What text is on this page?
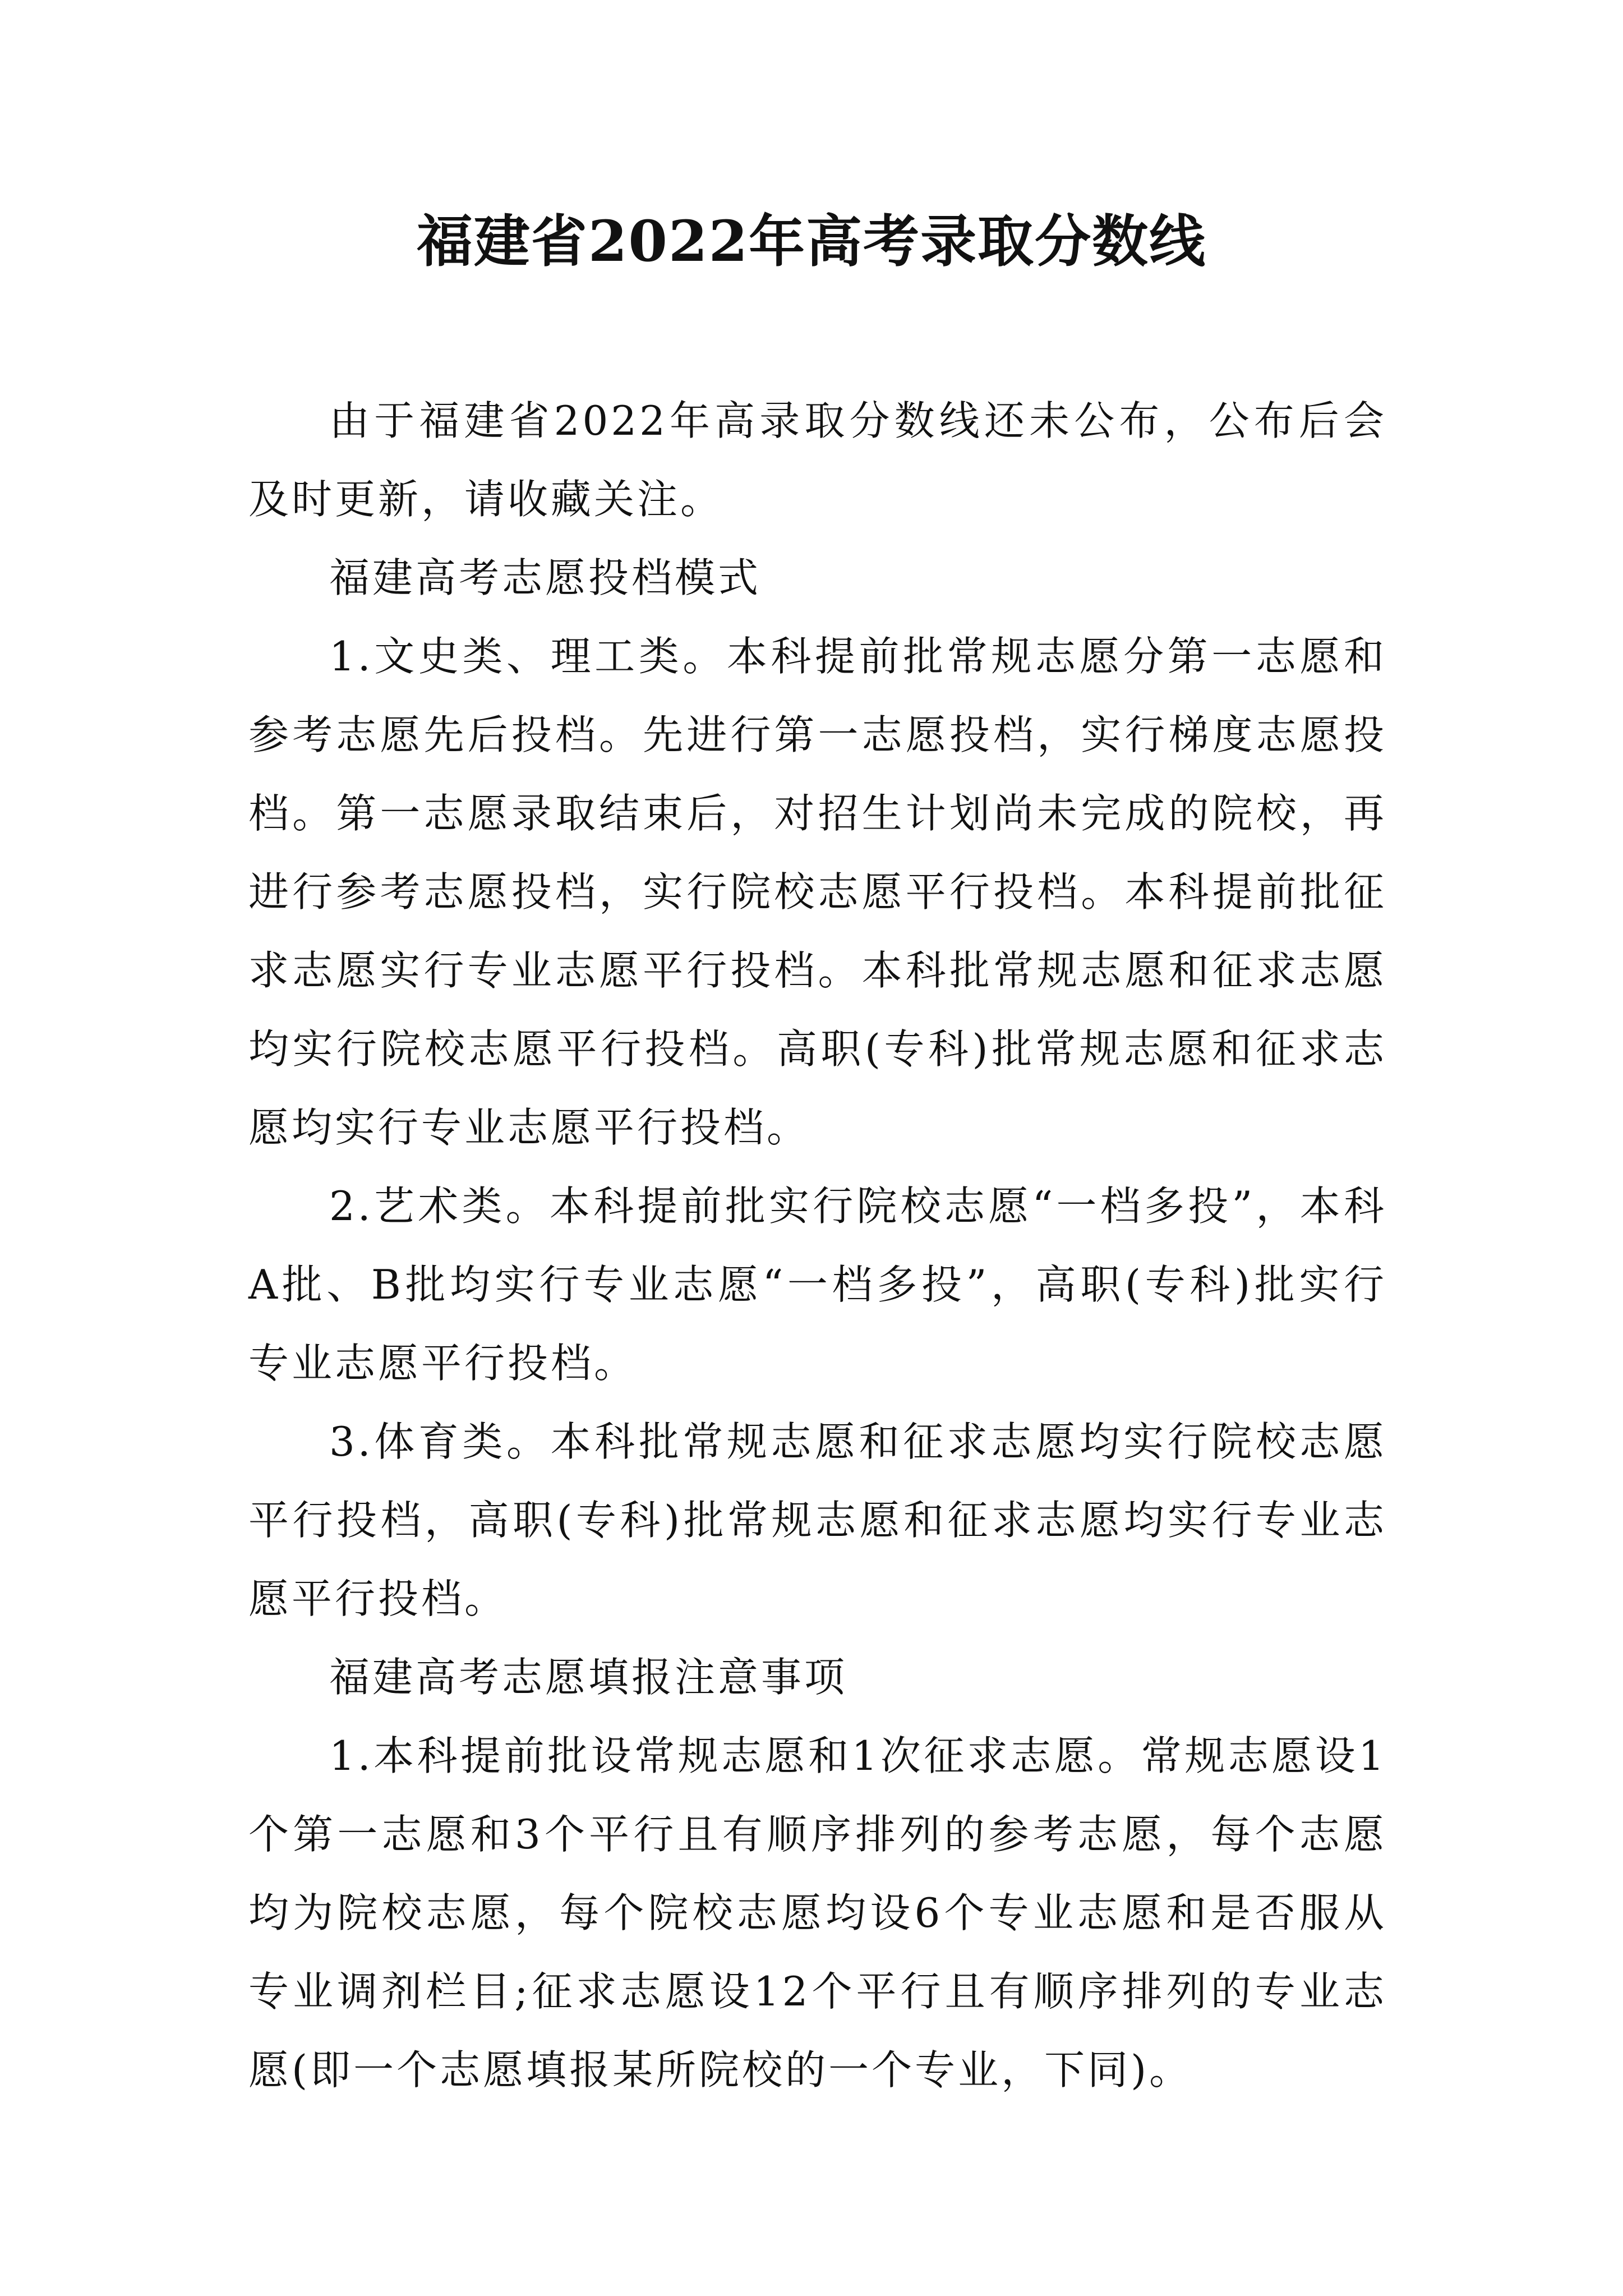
福建省2022年高考录取分数线

由于福建省2022年高录取分数线还未公布，公布后会及时更新，请收藏关注。

福建高考志愿投档模式

1.文史类、理工类。本科提前批常规志愿分第一志愿和参考志愿先后投档。先进行第一志愿投档，实行梯度志愿投档。第一志愿录取结束后，对招生计划尚未完成的院校，再进行参考志愿投档，实行院校志愿平行投档。本科提前批征求志愿实行专业志愿平行投档。本科批常规志愿和征求志愿均实行院校志愿平行投档。高职(专科)批常规志愿和征求志愿均实行专业志愿平行投档。

2.艺术类。本科提前批实行院校志愿“一档多投”，本科A批、B批均实行专业志愿“一档多投”，高职(专科)批实行专业志愿平行投档。

3.体育类。本科批常规志愿和征求志愿均实行院校志愿平行投档，高职(专科)批常规志愿和征求志愿均实行专业志愿平行投档。

福建高考志愿填报注意事项

1.本科提前批设常规志愿和1次征求志愿。常规志愿设1个第一志愿和3个平行且有顺序排列的参考志愿，每个志愿均为院校志愿，每个院校志愿均设6个专业志愿和是否服从专业调剂栏目;征求志愿设12个平行且有顺序排列的专业志愿(即一个志愿填报某所院校的一个专业，下同)。
